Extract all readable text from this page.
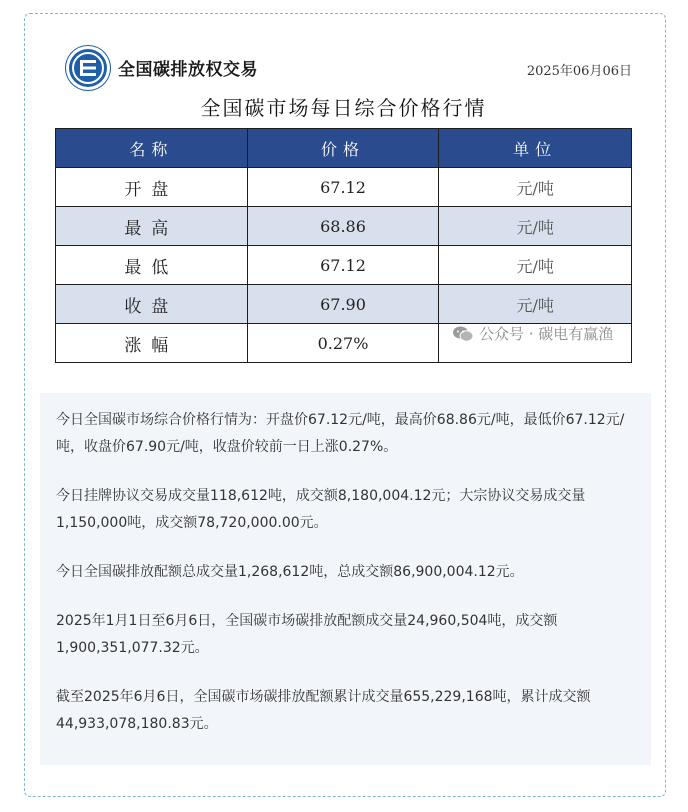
全国碳排放权交易	2025年06月06日
全国碳市场每日综合价格行情
名称	价格	单位
开盘	67.12	元/吨
最高	68.86	元/吨
最低	67.12	元/吨
收盘	67.90	元/吨
涨幅	0.27%		公众号 · 碳电有赢渔

今日全国碳市场综合价格行情为：开盘价67.12元/吨，最高价68.86元/吨，最低价67.12元/吨，收盘价67.90元/吨，收盘价较前一日上涨0.27%。

今日挂牌协议交易成交量118,612吨，成交额8,180,004.12元；大宗协议交易成交量1,150,000吨，成交额78,720,000.00元。

今日全国碳排放配额总成交量1,268,612吨，总成交额86,900,004.12元。

2025年1月1日至6月6日，全国碳市场碳排放配额成交量24,960,504吨，成交额1,900,351,077.32元。

截至2025年6月6日，全国碳市场碳排放配额累计成交量655,229,168吨，累计成交额44,933,078,180.83元。
